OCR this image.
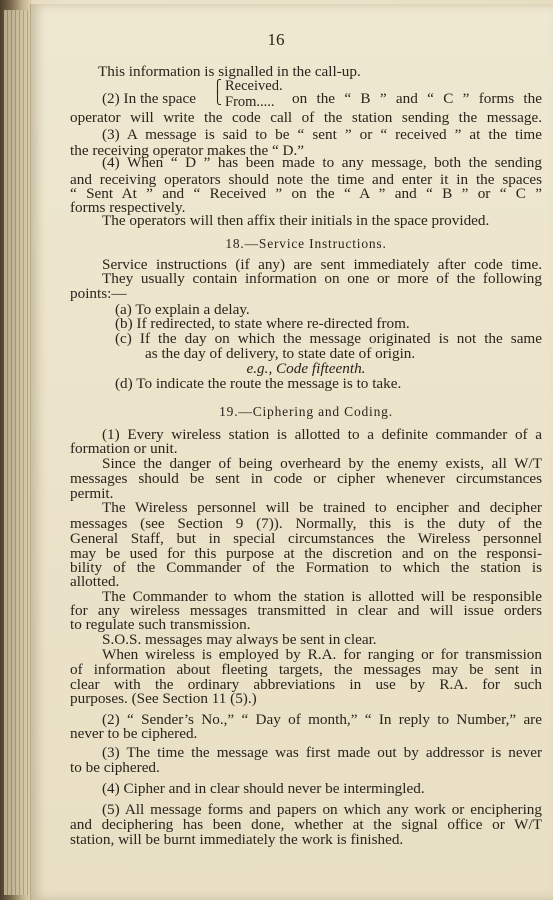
16
This information is signalled in the call-up.
(2) In the space
⎧
⎩
Received.
From..... on the “ B ” and “ C ” forms the
operator will write the code call of the station sending the message.
(3) A message is said to be “ sent ” or “ received ” at the time
the receiving operator makes the “ D.”
(4) When “ D ” has been made to any message, both the sending
and receiving operators should note the time and enter it in the spaces
“ Sent At ” and “ Received ” on the “ A ” and “ B ” or “ C ”
forms respectively.
The operators will then affix their initials in the space provided.
18.—Service Instructions.
Service instructions (if any) are sent immediately after code time.
They usually contain information on one or more of the following
points:—
(a) To explain a delay.
(b) If redirected, to state where re-directed from.
(c) If the day on which the message originated is not the same
as the day of delivery, to state date of origin.
e.g., Code fifteenth.
(d) To indicate the route the message is to take.
19.—Ciphering and Coding.
(1) Every wireless station is allotted to a definite commander of a
formation or unit.
Since the danger of being overheard by the enemy exists, all W/T
messages should be sent in code or cipher whenever circumstances
permit.
The Wireless personnel will be trained to encipher and decipher
messages (see Section 9 (7)). Normally, this is the duty of the
General Staff, but in special circumstances the Wireless personnel
may be used for this purpose at the discretion and on the responsi-
bility of the Commander of the Formation to which the station is
allotted.
The Commander to whom the station is allotted will be responsible
for any wireless messages transmitted in clear and will issue orders
to regulate such transmission.
S.O.S. messages may always be sent in clear.
When wireless is employed by R.A. for ranging or for transmission
of information about fleeting targets, the messages may be sent in
clear with the ordinary abbreviations in use by R.A. for such
purposes. (See Section 11 (5).)
(2) “ Sender’s No.,” “ Day of month,” “ In reply to Number,” are
never to be ciphered.
(3) The time the message was first made out by addressor is never
to be ciphered.
(4) Cipher and in clear should never be intermingled.
(5) All message forms and papers on which any work or enciphering
and deciphering has been done, whether at the signal office or W/T
station, will be burnt immediately the work is finished.
